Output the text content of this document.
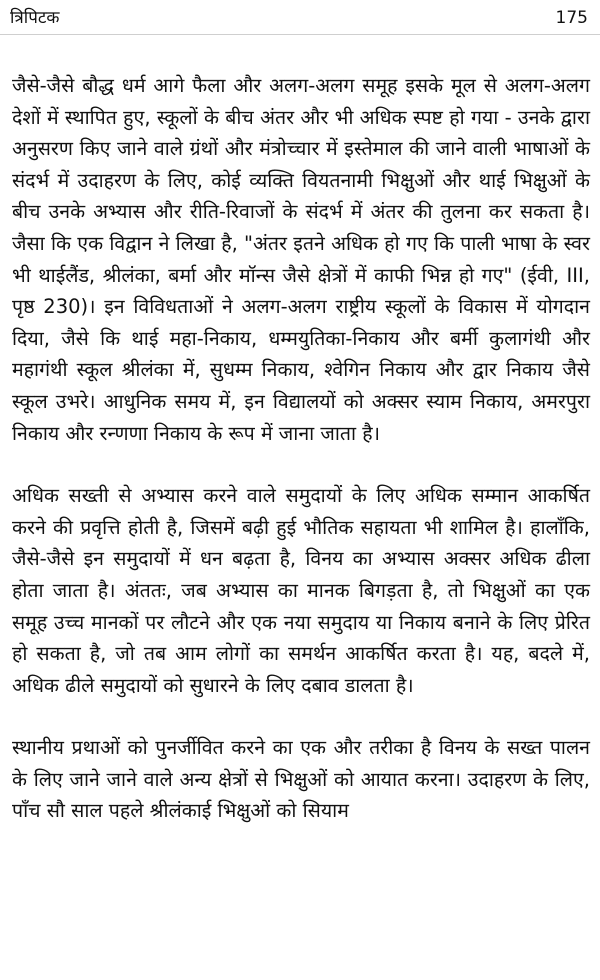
त्रिपिटक	175

जैसे-जैसे बौद्ध धर्म आगे फैला और अलग-अलग समूह इसके मूल से अलग-अलग देशों में स्थापित हुए, स्कूलों के बीच अंतर और भी अधिक स्पष्ट हो गया - उनके द्वारा अनुसरण किए जाने वाले ग्रंथों और मंत्रोच्चार में इस्तेमाल की जाने वाली भाषाओं के संदर्भ में उदाहरण के लिए, कोई व्यक्ति वियतनामी भिक्षुओं और थाई भिक्षुओं के बीच उनके अभ्यास और रीति-रिवाजों के संदर्भ में अंतर की तुलना कर सकता है। जैसा कि एक विद्वान ने लिखा है, "अंतर इतने अधिक हो गए कि पाली भाषा के स्वर भी थाईलैंड, श्रीलंका, बर्मा और मॉन्स जैसे क्षेत्रों में काफी भिन्न हो गए" (ईवी, III, पृष्ठ 230)। इन विविधताओं ने अलग-अलग राष्ट्रीय स्कूलों के विकास में योगदान दिया, जैसे कि थाई महा-निकाय, धम्मयुतिका-निकाय और बर्मी कुलागंथी और महागंथी स्कूल श्रीलंका में, सुधम्म निकाय, श्वेगिन निकाय और द्वार निकाय जैसे स्कूल उभरे। आधुनिक समय में, इन विद्यालयों को अक्सर स्याम निकाय, अमरपुरा निकाय और रन्णणा निकाय के रूप में जाना जाता है।

अधिक सख्ती से अभ्यास करने वाले समुदायों के लिए अधिक सम्मान आकर्षित करने की प्रवृत्ति होती है, जिसमें बढ़ी हुई भौतिक सहायता भी शामिल है। हालाँकि, जैसे-जैसे इन समुदायों में धन बढ़ता है, विनय का अभ्यास अक्सर अधिक ढीला होता जाता है। अंततः, जब अभ्यास का मानक बिगड़ता है, तो भिक्षुओं का एक समूह उच्च मानकों पर लौटने और एक नया समुदाय या निकाय बनाने के लिए प्रेरित हो सकता है, जो तब आम लोगों का समर्थन आकर्षित करता है। यह, बदले में, अधिक ढीले समुदायों को सुधारने के लिए दबाव डालता है।

स्थानीय प्रथाओं को पुनर्जीवित करने का एक और तरीका है विनय के सख्त पालन के लिए जाने जाने वाले अन्य क्षेत्रों से भिक्षुओं को आयात करना। उदाहरण के लिए, पाँच सौ साल पहले श्रीलंकाई भिक्षुओं को सियाम
